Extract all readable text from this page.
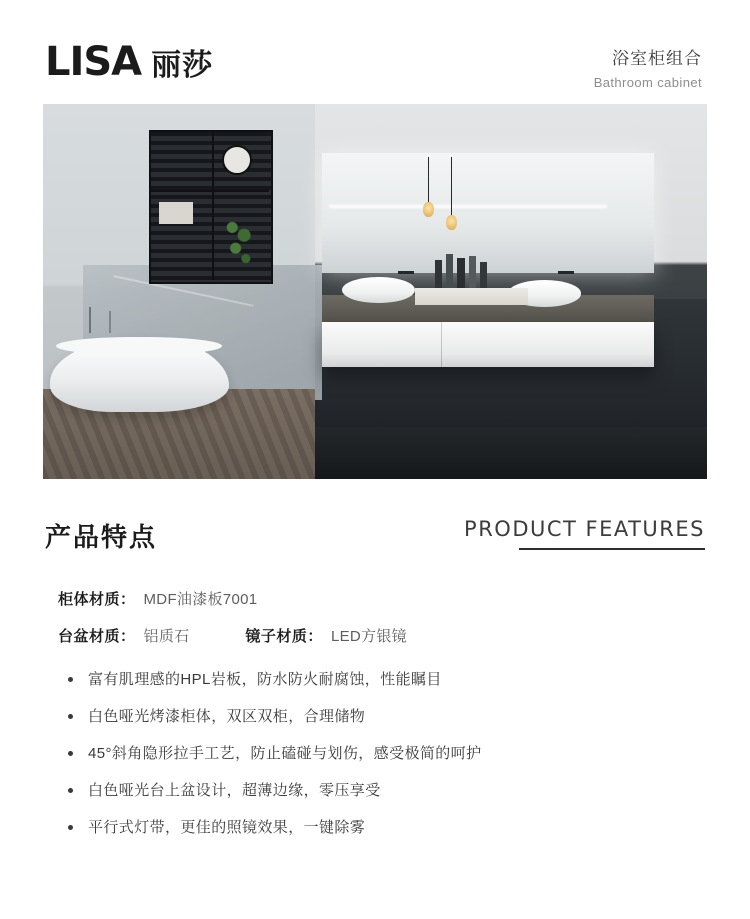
LISA 丽莎	浴室柜组合
Bathroom cabinet
产品特点	PRODUCT FEATURES
柜体材质： MDF油漆板7001
台盆材质： 铝质石	镜子材质： LED方银镜
富有肌理感的HPL岩板，防水防火耐腐蚀，性能瞩目
白色哑光烤漆柜体，双区双柜，合理储物
45°斜角隐形拉手工艺，防止磕碰与划伤，感受极简的呵护
白色哑光台上盆设计，超薄边缘，零压享受
平行式灯带，更佳的照镜效果，一键除雾
